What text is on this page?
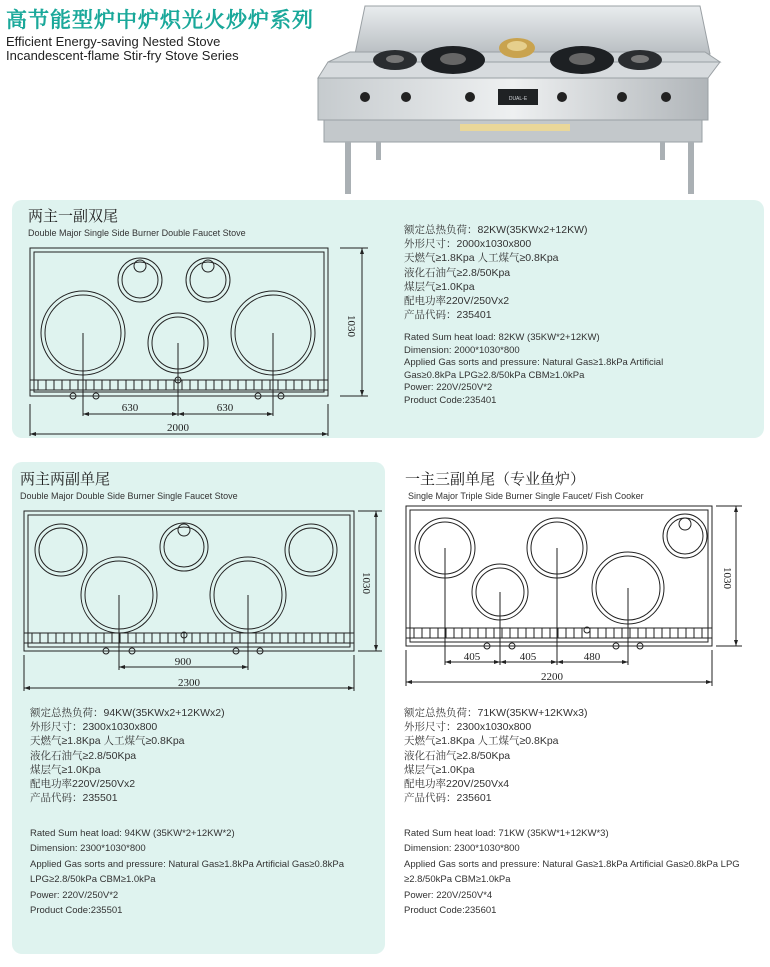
高节能型炉中炉炽光火炒炉系列
Efficient Energy-saving Nested Stove
Incandescent-flame Stir-fry Stove Series
DUAL-E
两主一副双尾
Double Major Single Side Burner Double Faucet Stove
630	630
2000
1030
额定总热负荷：82KW(35KWx2+12KW)
外形尺寸：2000x1030x800
天燃气≥1.8Kpa 人工煤气≥0.8Kpa
液化石油气≥2.8/50Kpa
煤层气≥1.0Kpa
配电功率220V/250Vx2
产品代码：235401
Rated Sum heat load: 82KW (35KW*2+12KW)
Dimension: 2000*1030*800
Applied Gas sorts and pressure: Natural Gas≥1.8kPa Artificial
Gas≥0.8kPa LPG≥2.8/50kPa CBM≥1.0kPa
Power: 220V/250V*2
Product Code:235401
两主两副单尾
Double Major Double Side Burner Single Faucet Stove
900
2300
1030
额定总热负荷：94KW(35KWx2+12KWx2)
外形尺寸：2300x1030x800
天燃气≥1.8Kpa 人工煤气≥0.8Kpa
液化石油气≥2.8/50Kpa
煤层气≥1.0Kpa
配电功率220V/250Vx2
产品代码：235501
Rated Sum heat load: 94KW (35KW*2+12KW*2)
Dimension: 2300*1030*800
Applied Gas sorts and pressure: Natural Gas≥1.8kPa Artificial Gas≥0.8kPa
LPG≥2.8/50kPa CBM≥1.0kPa
Power: 220V/250V*2
Product Code:235501
一主三副单尾（专业鱼炉）
Single Major Triple Side Burner Single Faucet/ Fish Cooker
405	405	480
2200
1030
额定总热负荷：71KW(35KW+12KWx3)
外形尺寸：2300x1030x800
天燃气≥1.8Kpa 人工煤气≥0.8Kpa
液化石油气≥2.8/50Kpa
煤层气≥1.0Kpa
配电功率220V/250Vx4
产品代码：235601
Rated Sum heat load: 71KW (35KW*1+12KW*3)
Dimension: 2300*1030*800
Applied Gas sorts and pressure: Natural Gas≥1.8kPa Artificial Gas≥0.8kPa LPG
≥2.8/50kPa CBM≥1.0kPa
Power: 220V/250V*4
Product Code:235601
